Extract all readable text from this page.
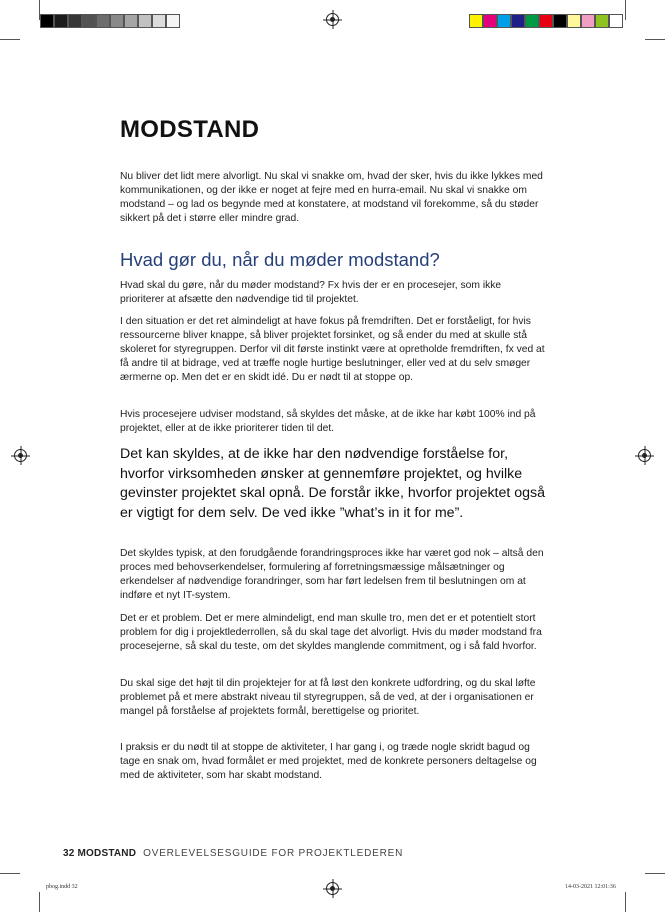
MODSTAND

Nu bliver det lidt mere alvorligt. Nu skal vi snakke om, hvad der sker, hvis du ikke lykkes med kommunikationen, og der ikke er noget at fejre med en hurra-email. Nu skal vi snakke om modstand – og lad os begynde med at konstatere, at modstand vil forekomme, så du støder sikkert på det i større eller mindre grad.

Hvad gør du, når du møder modstand?

Hvad skal du gøre, når du møder modstand? Fx hvis der er en procesejer, som ikke prioriterer at afsætte den nødvendige tid til projektet.

I den situation er det ret almindeligt at have fokus på fremdriften. Det er forståeligt, for hvis ressourcerne bliver knappe, så bliver projektet forsinket, og så ender du med at skulle stå skoleret for styregruppen. Derfor vil dit første instinkt være at opretholde fremdriften, fx ved at få andre til at bidrage, ved at træffe nogle hurtige beslutninger, eller ved at du selv smøger ærmerne op. Men det er en skidt idé. Du er nødt til at stoppe op.

Hvis procesejere udviser modstand, så skyldes det måske, at de ikke har købt 100% ind på projektet, eller at de ikke prioriterer tiden til det.

Det kan skyldes, at de ikke har den nødvendige forståelse for, hvorfor virksomheden ønsker at gennemføre projektet, og hvilke gevinster projektet skal opnå. De forstår ikke, hvorfor projektet også er vigtigt for dem selv. De ved ikke ”what’s in it for me”.

Det skyldes typisk, at den forudgående forandringsproces ikke har været god nok – altså den proces med behovserkendelser, formulering af forretningsmæssige målsætninger og erkendelser af nødvendige forandringer, som har ført ledelsen frem til beslutningen om at indføre et nyt IT-system.

Det er et problem. Det er mere almindeligt, end man skulle tro, men det er et potentielt stort problem for dig i projektlederrollen, så du skal tage det alvorligt. Hvis du møder modstand fra procesejerne, så skal du teste, om det skyldes manglende commitment, og i så fald hvorfor.

Du skal sige det højt til din projektejer for at få løst den konkrete udfordring, og du skal løfte problemet på et mere abstrakt niveau til styregruppen, så de ved, at der i organisationen er mangel på forståelse af projektets formål, berettigelse og prioritet.

I praksis er du nødt til at stoppe de aktiviteter, I har gang i, og træde nogle skridt bagud og tage en snak om, hvad formålet er med projektet, med de konkrete personers deltagelse og med de aktiviteter, som har skabt modstand.

32 MODSTAND OVERLEVELSESGUIDE FOR PROJEKTLEDEREN
pbog.indd 32	14-03-2021 12:01:36
